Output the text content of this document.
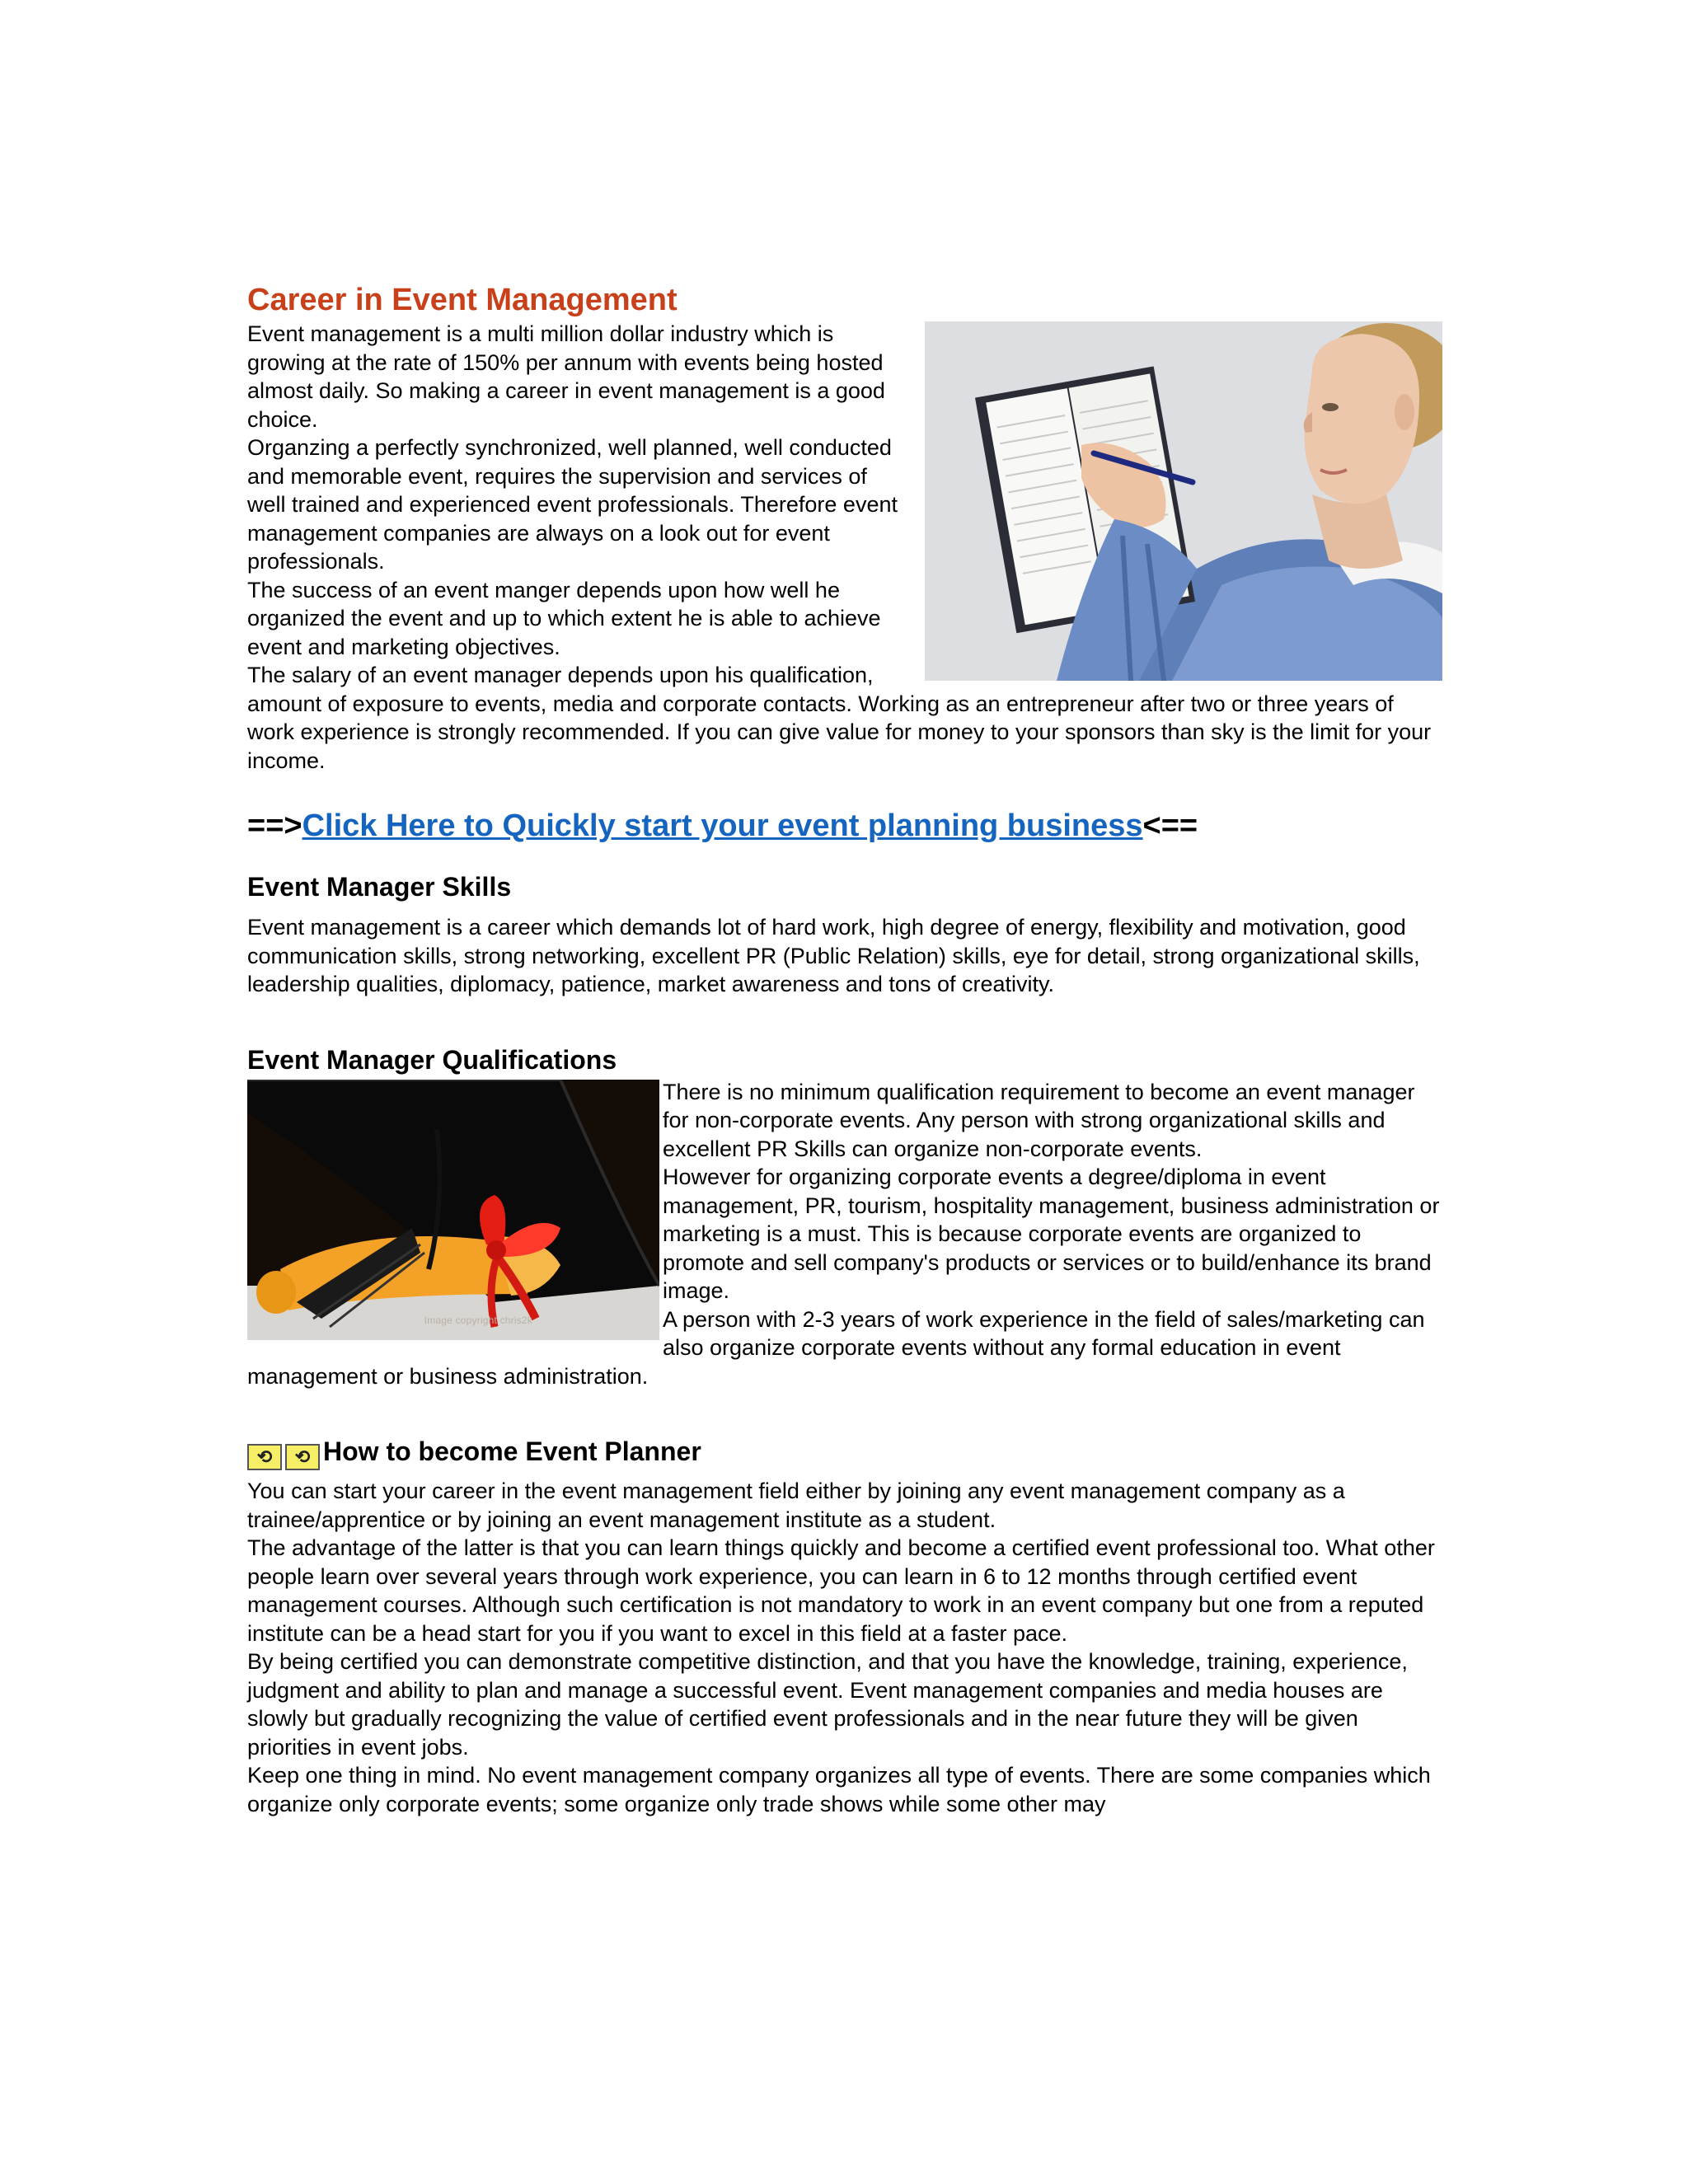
Career in Event Management

Event management is a multi million dollar industry which is growing at the rate of 150% per annum with events being hosted almost daily. So making a career in event management is a good choice.

Organzing a perfectly synchronized, well planned, well conducted and memorable event, requires the supervision and services of well trained and experienced event professionals. Therefore event management companies are always on a look out for event professionals.

The success of an event manger depends upon how well he organized the event and up to which extent he is able to achieve event and marketing objectives.

The salary of an event manager depends upon his qualification, amount of exposure to events, media and corporate contacts. Working as an entrepreneur after two or three years of work experience is strongly recommended. If you can give value for money to your sponsors than sky is the limit for your income.

==>Click Here to Quickly start your event planning business<==
Event Manager Skills

Event management is a career which demands lot of hard work, high degree of energy, flexibility and motivation, good communication skills, strong networking, excellent PR (Public Relation) skills, eye for detail, strong organizational skills, leadership qualities, diplomacy, patience, market awareness and tons of creativity.

Event Manager Qualifications
Image copyright chris2k

There is no minimum qualification requirement to become an event manager for non-corporate events. Any person with strong organizational skills and excellent PR Skills can organize non-corporate events.

However for organizing corporate events a degree/diploma in event management, PR, tourism, hospitality management, business administration or marketing is a must. This is because corporate events are organized to promote and sell company's products or services or to build/enhance its brand image.

A person with 2-3 years of work experience in the field of sales/marketing can also organize corporate events without any formal education in event management or business administration.

⟲	⟲ How to become Event Planner

You can start your career in the event management field either by joining any event management company as a trainee/apprentice or by joining an event management institute as a student.

The advantage of the latter is that you can learn things quickly and become a certified event professional too. What other people learn over several years through work experience, you can learn in 6 to 12 months through certified event management courses. Although such certification is not mandatory to work in an event company but one from a reputed institute can be a head start for you if you want to excel in this field at a faster pace.

By being certified you can demonstrate competitive distinction, and that you have the knowledge, training, experience, judgment and ability to plan and manage a successful event. Event management companies and media houses are slowly but gradually recognizing the value of certified event professionals and in the near future they will be given priorities in event jobs.

Keep one thing in mind. No event management company organizes all type of events. There are some companies which organize only corporate events; some organize only trade shows while some other may
